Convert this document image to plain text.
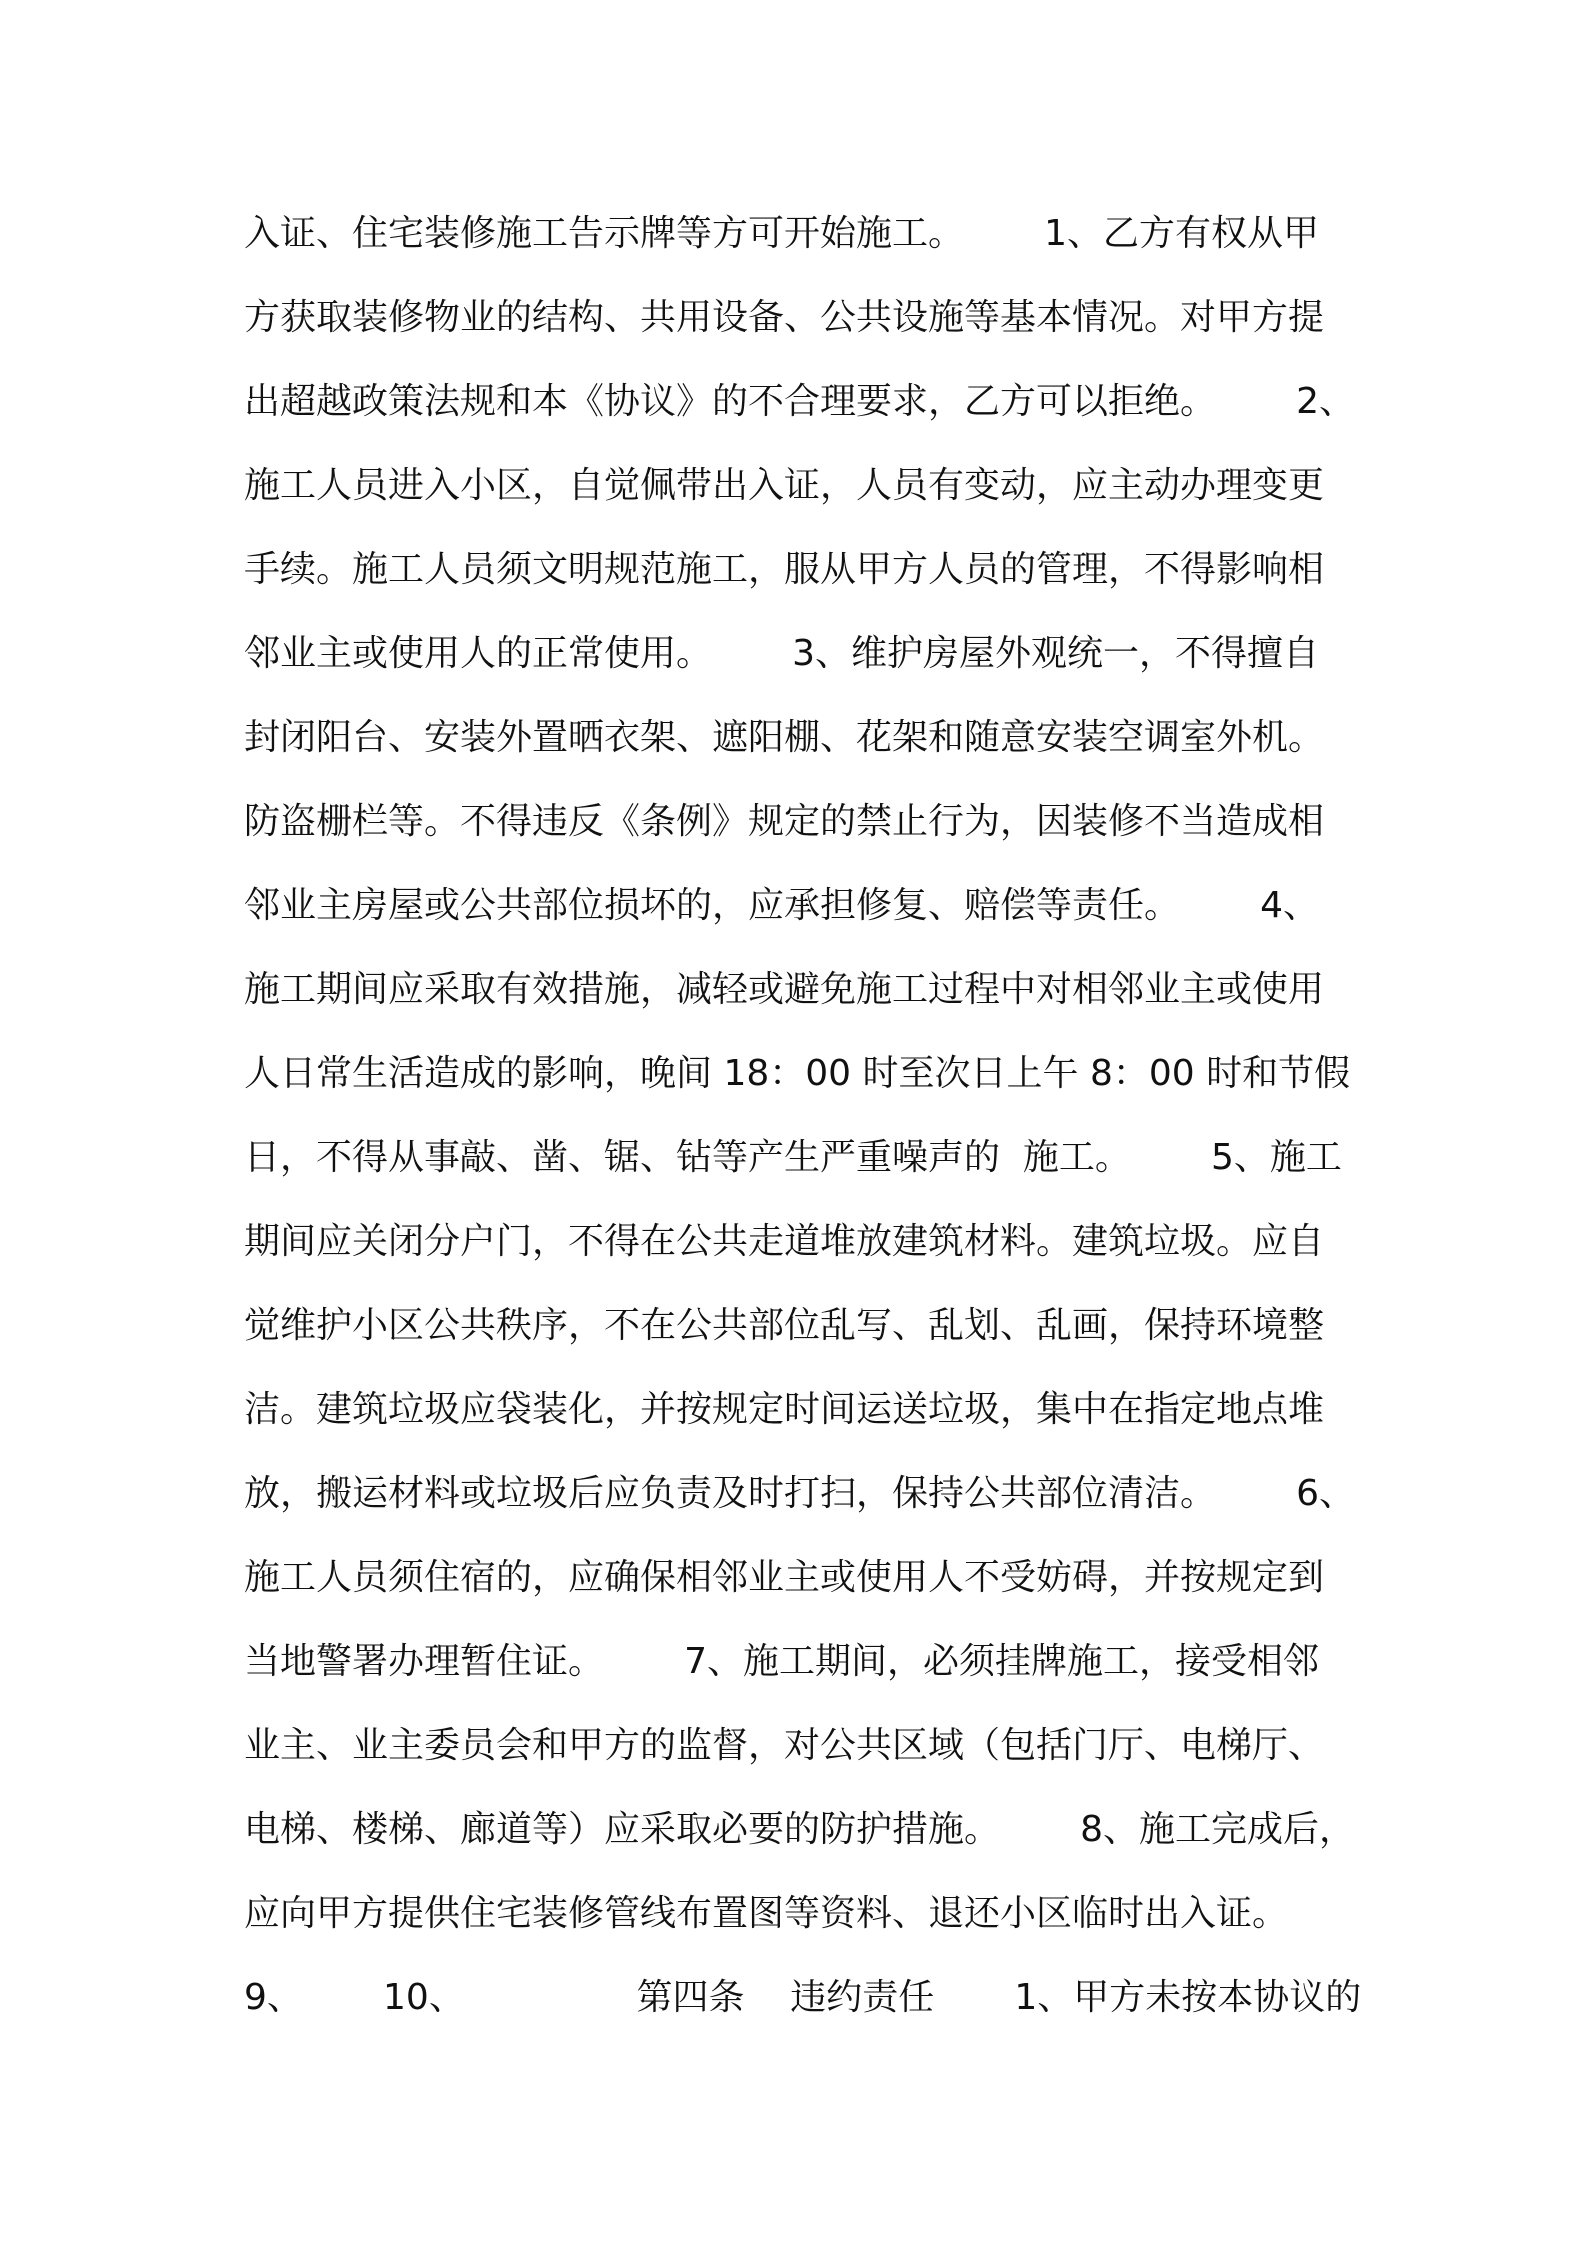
入证、住宅装修施工告示牌等方可开始施工。       1、乙方有权从甲
方获取装修物业的结构、共用设备、公共设施等基本情况。对甲方提
出超越政策法规和本《协议》的不合理要求，乙方可以拒绝。       2、
施工人员进入小区，自觉佩带出入证，人员有变动，应主动办理变更
手续。施工人员须文明规范施工，服从甲方人员的管理，不得影响相
邻业主或使用人的正常使用。       3、维护房屋外观统一，不得擅自
封闭阳台、安装外置晒衣架、遮阳棚、花架和随意安装空调室外机。
防盗栅栏等。不得违反《条例》规定的禁止行为，因装修不当造成相
邻业主房屋或公共部位损坏的，应承担修复、赔偿等责任。       4、
施工期间应采取有效措施，减轻或避免施工过程中对相邻业主或使用
人日常生活造成的影响，晚间 18：00 时至次日上午 8：00 时和节假
日，不得从事敲、凿、锯、钻等产生严重噪声的  施工。       5、施工
期间应关闭分户门，不得在公共走道堆放建筑材料。建筑垃圾。应自
觉维护小区公共秩序，不在公共部位乱写、乱划、乱画，保持环境整
洁。建筑垃圾应袋装化，并按规定时间运送垃圾，集中在指定地点堆
放，搬运材料或垃圾后应负责及时打扫，保持公共部位清洁。       6、
施工人员须住宿的，应确保相邻业主或使用人不受妨碍，并按规定到
当地警署办理暂住证。       7、施工期间，必须挂牌施工，接受相邻
业主、业主委员会和甲方的监督，对公共区域（包括门厅、电梯厅、
电梯、楼梯、廊道等）应采取必要的防护措施。       8、施工完成后，
应向甲方提供住宅装修管线布置图等资料、退还小区临时出入证。
9、       10、               第四条    违约责任       1、甲方未按本协议的
